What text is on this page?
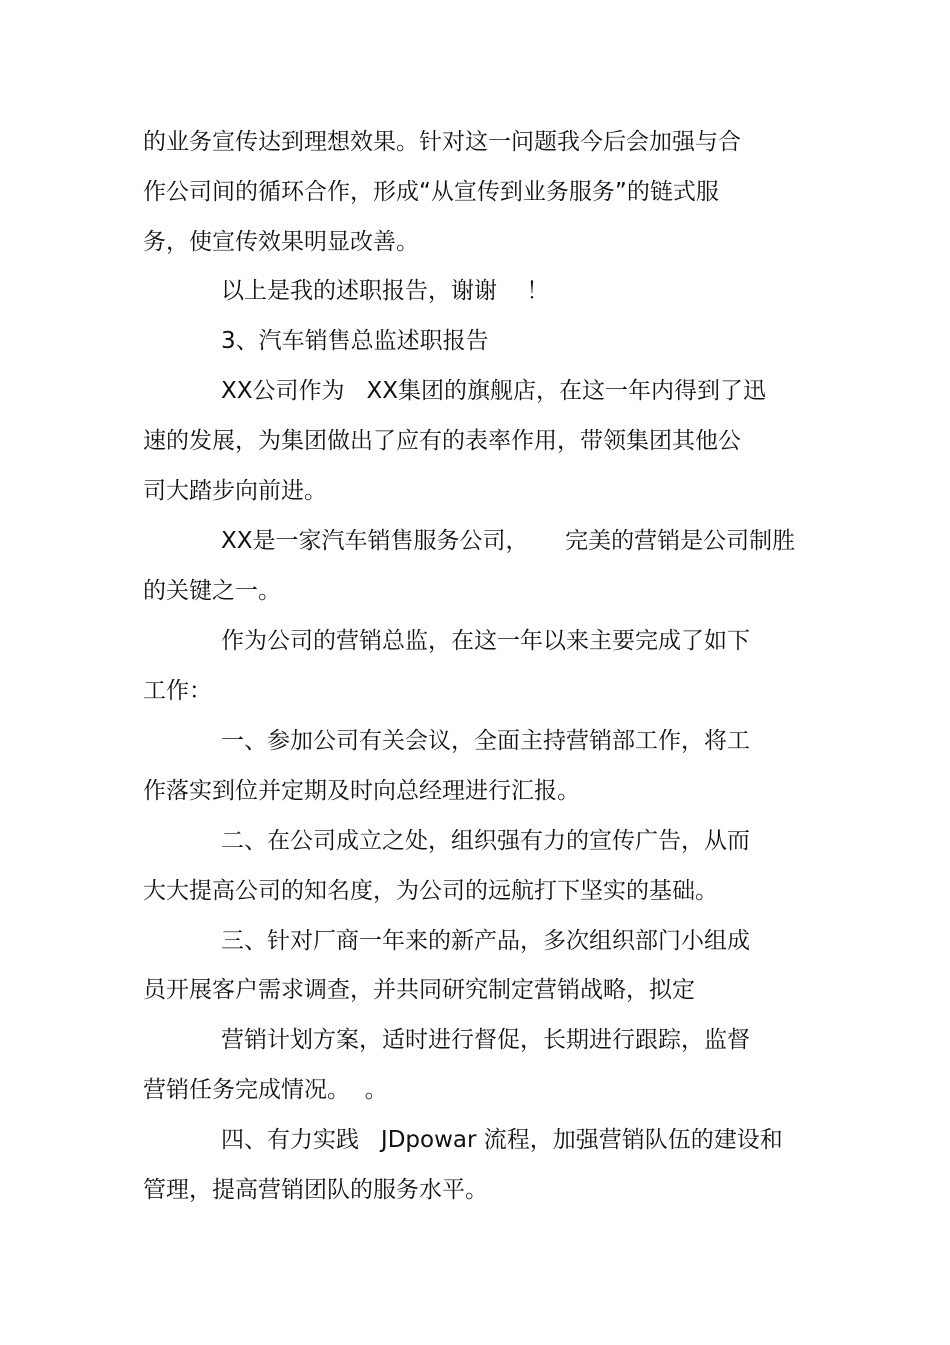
的业务宣传达到理想效果。针对这一问题我今后会加强与合

作公司间的循环合作，形成“从宣传到业务服务”的链式服

务，使宣传效果明显改善。

以上是我的述职报告，谢谢    ！

3、汽车销售总监述职报告

XX公司作为   XX集团的旗舰店，在这一年内得到了迅

速的发展，为集团做出了应有的表率作用，带领集团其他公

司大踏步向前进。

XX是一家汽车销售服务公司，     完美的营销是公司制胜

的关键之一。

作为公司的营销总监，在这一年以来主要完成了如下

工作：

一、参加公司有关会议，全面主持营销部工作，将工

作落实到位并定期及时向总经理进行汇报。

二、在公司成立之处，组织强有力的宣传广告，从而

大大提高公司的知名度，为公司的远航打下坚实的基础。

三、针对厂商一年来的新产品，多次组织部门小组成

员开展客户需求调查，并共同研究制定营销战略，拟定

营销计划方案，适时进行督促，长期进行跟踪，监督

营销任务完成情况。  。

四、有力实践   JDpowar 流程，加强营销队伍的建设和

管理，提高营销团队的服务水平。
